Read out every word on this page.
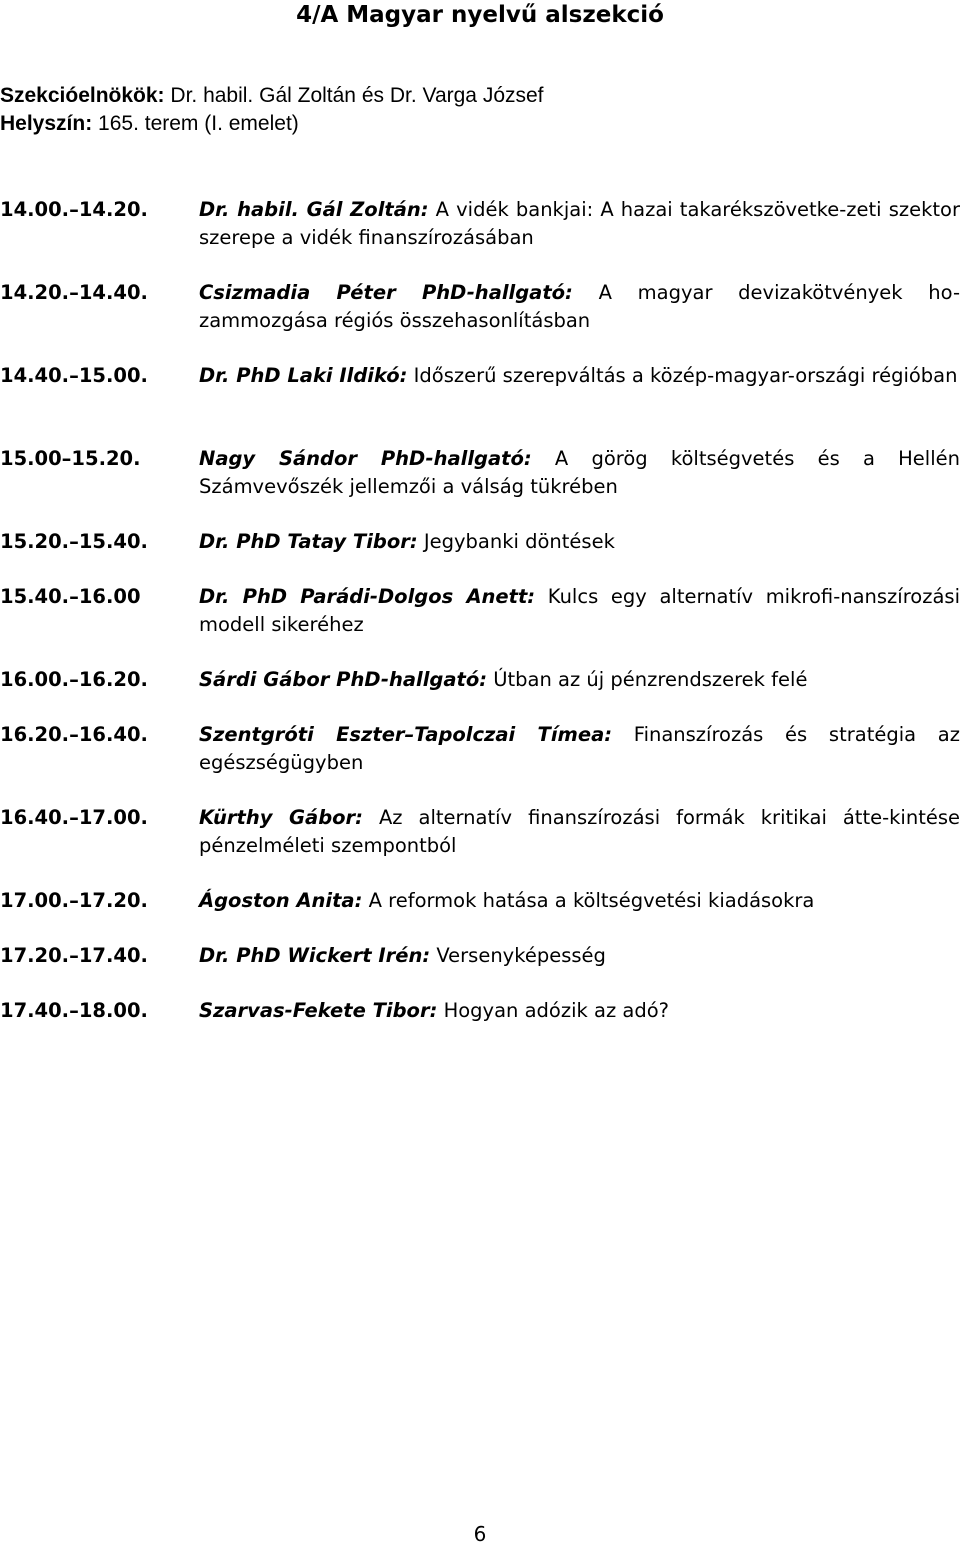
4/A Magyar nyelvű alszekció
Szekcióelnökök: Dr. habil. Gál Zoltán és Dr. Varga József
Helyszín: 165. terem (I. emelet)
14.00.–14.20.	Dr. habil. Gál Zoltán: A vidék bankjai: A hazai takarékszövetke-zeti szektor szerepe a vidék finanszírozásában
14.20.–14.40.	Csizmadia Péter PhD-hallgató: A magyar devizakötvények ho-zammozgása régiós összehasonlításban
14.40.–15.00.	Dr. PhD Laki Ildikó: Időszerű szerepváltás a közép-magyar-országi régióban
15.00–15.20.	Nagy Sándor PhD-hallgató: A görög költségvetés és a Hellén Számvevőszék jellemzői a válság tükrében
15.20.–15.40.	Dr. PhD Tatay Tibor: Jegybanki döntések
15.40.–16.00	Dr. PhD Parádi-Dolgos Anett: Kulcs egy alternatív mikrofi-nanszírozási modell sikeréhez
16.00.–16.20.	Sárdi Gábor PhD-hallgató: Útban az új pénzrendszerek felé
16.20.–16.40.	Szentgróti Eszter–Tapolczai Tímea: Finanszírozás és stratégia az egészségügyben
16.40.–17.00.	Kürthy Gábor: Az alternatív finanszírozási formák kritikai átte-kintése pénzelméleti szempontból
17.00.–17.20.	Ágoston Anita: A reformok hatása a költségvetési kiadásokra
17.20.–17.40.	Dr. PhD Wickert Irén: Versenyképesség
17.40.–18.00.	Szarvas-Fekete Tibor: Hogyan adózik az adó?
6
